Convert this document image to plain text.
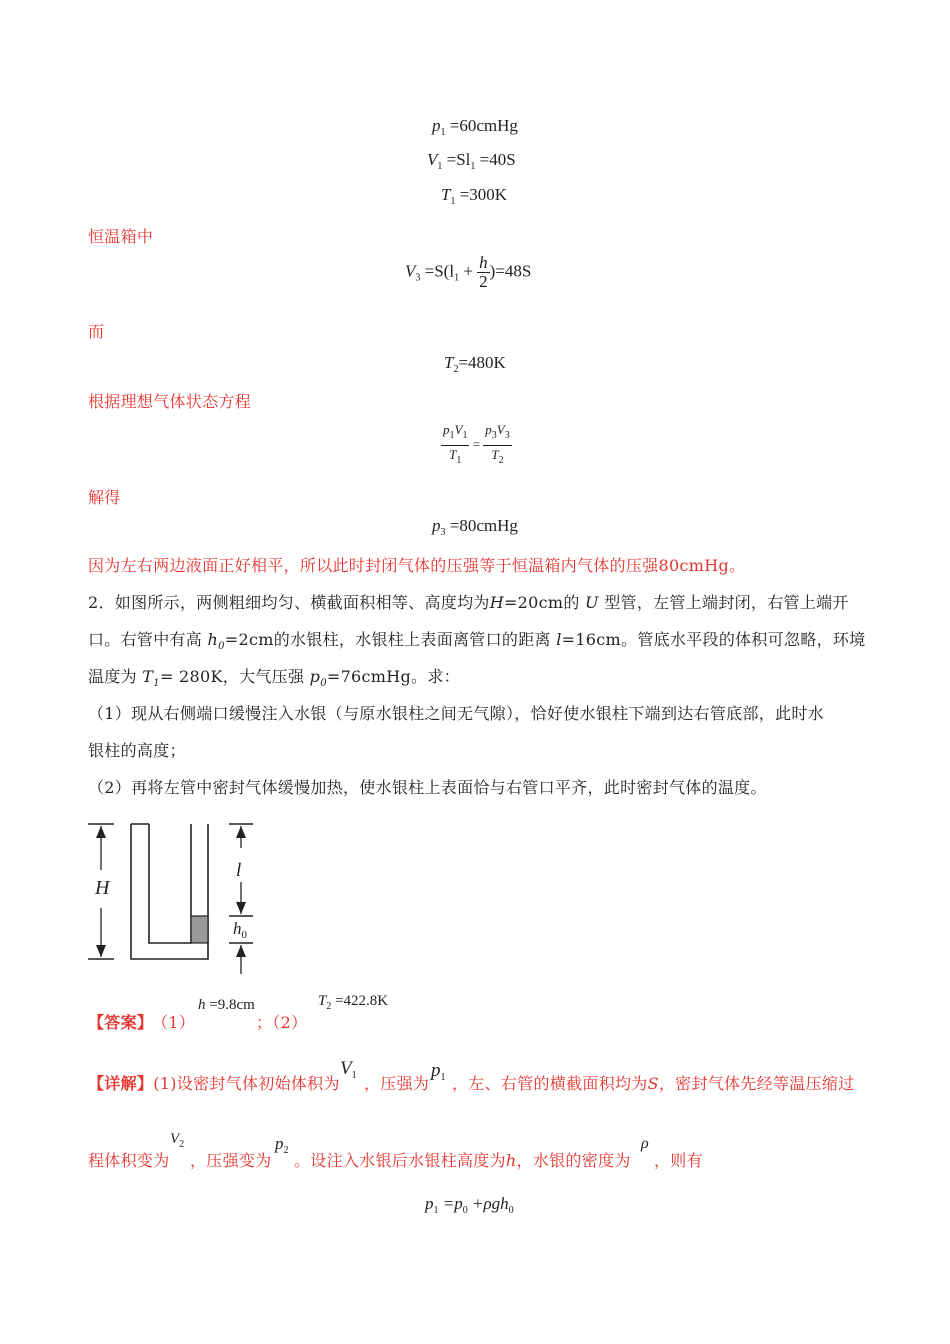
$p_1$ =60cmHg
$V_1 =Sl_1 =40S$
$T_1 =300K$
恒温箱中
$V_3 =S(l_1 + \frac{h}{2} )=48S$
而
$T_2=480K$
根据理想气体状态方程
$\frac{p_1V_1}{T_1} = \frac{p_3V_3}{T_2}$
解得
$p_3$ =80cmHg
因为左右两边液面正好相平，所以此时封闭气体的压强等于恒温箱内气体的压强80cmHg。
2．如图所示，两侧粗细均匀、横截面积相等、高度均为H=20cm的 U 型管，左管上端封闭，右管上端开
口。右管中有高 $h_0=2cm$的水银柱，水银柱上表面离管口的距离 l=16cm。管底水平段的体积可忽略，环境
温度为 $T_1= 280K$，大气压强 $p_0=76cmHg$。求：
（1）现从右侧端口缓慢注入水银（与原水银柱之间无气隙），恰好使水银柱下端到达右管底部，此时水
银柱的高度；
（2）再将左管中密封气体缓慢加热，使水银柱上表面恰与右管口平齐，此时密封气体的温度。
H
l
$h_0$
【答案】
（1）
h =9.8cm
；（2）
$T_2 =422.8K$
【详解】(1)设密封气体初始体积为
$V_1$ ，压强为
$p_1$ ，左、右管的横截面积均为S，密封气体先经等温压缩过
程体积变为
$V_2$
，压强变为
$p_2$
。设注入水银后水银柱高度为h，水银的密度为
ρ
，则有
$p_1 =p_0 +\rho gh_0$
